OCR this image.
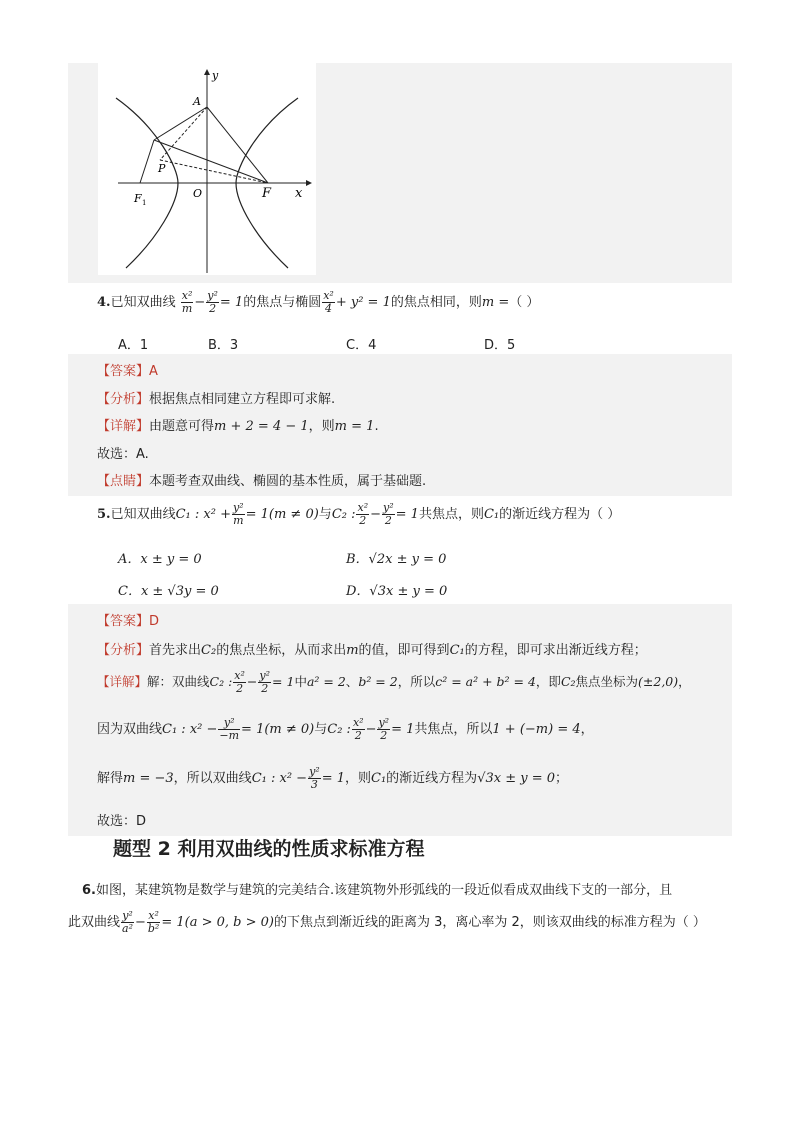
y
x
A
P
F 1
O	F
4.已知双曲线 $\frac{\text{x²}}{m} - \frac{\text{y²}}{2} = 1$的焦点与椭圆 $\frac{\text{x²}}{4} + y^2 = 1$的焦点相同，则m =（ ）
A．1	B．3	C．4	D．5
【答案】A
【分析】根据焦点相同建立方程即可求解.
【详解】由题意可得m + 2 = 4 − 1，则m = 1.
故选：A.
【点睛】本题考查双曲线、椭圆的基本性质，属于基础题.
5.已知双曲线C₁ : $x^2 + \frac{\text{y²}}{m} = 1(m \ne 0)$与C₂ : $\frac{\text{x²}}{2} - \frac{\text{y²}}{2} = 1$共焦点，则C₁的渐近线方程为（ ）
A．x ± y = 0	B．√2x ± y = 0
C．x ± √3y = 0	D．√3x ± y = 0
【答案】D
【分析】首先求出C₂的焦点坐标，从而求出m的值，即可得到C₁的方程，即可求出渐近线方程；
【详解】解：双曲线C₂ : $\frac{\text{x²}}{2} - \frac{\text{y²}}{2} = 1$中a² = 2、b² = 2，所以c² = a² + b² = 4，即C₂焦点坐标为(±2,0)，
因为双曲线C₁ : $x^2 - \frac{\text{y²}}{-m} = 1(m \ne 0)$与C₂ : $\frac{\text{x²}}{2} - \frac{\text{y²}}{2} = 1$共焦点，所以1 + (−m) = 4，
解得m = −3，所以双曲线C₁ : $x^2 - \frac{\text{y²}}{3} = 1$，则C₁的渐近线方程为√3x ± y = 0；
故选：D
题型 2 利用双曲线的性质求标准方程
6.如图，某建筑物是数学与建筑的完美结合.该建筑物外形弧线的一段近似看成双曲线下支的一部分，且
此双曲线 $\frac{\text{y²}}{\text{a²}} - \frac{\text{x²}}{\text{b²}} = 1(a > 0$, b > 0)的下焦点到渐近线的距离为 3，离心率为 2，则该双曲线的标准方程为（ ）
